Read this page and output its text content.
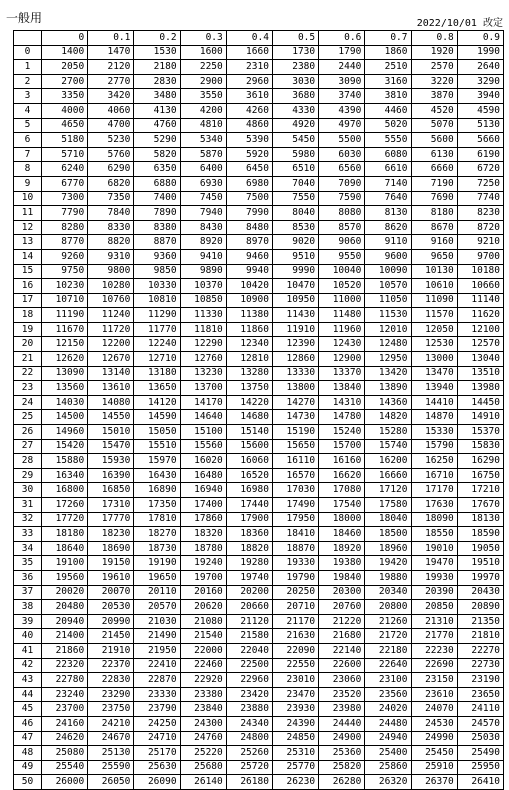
一般用	2022/10/01 改定
	0	0.1	0.2	0.3	0.4	0.5	0.6	0.7	0.8	0.9
0	1400	1470	1530	1600	1660	1730	1790	1860	1920	1990
1	2050	2120	2180	2250	2310	2380	2440	2510	2570	2640
2	2700	2770	2830	2900	2960	3030	3090	3160	3220	3290
3	3350	3420	3480	3550	3610	3680	3740	3810	3870	3940
4	4000	4060	4130	4200	4260	4330	4390	4460	4520	4590
5	4650	4700	4760	4810	4860	4920	4970	5020	5070	5130
6	5180	5230	5290	5340	5390	5450	5500	5550	5600	5660
7	5710	5760	5820	5870	5920	5980	6030	6080	6130	6190
8	6240	6290	6350	6400	6450	6510	6560	6610	6660	6720
9	6770	6820	6880	6930	6980	7040	7090	7140	7190	7250
10	7300	7350	7400	7450	7500	7550	7590	7640	7690	7740
11	7790	7840	7890	7940	7990	8040	8080	8130	8180	8230
12	8280	8330	8380	8430	8480	8530	8570	8620	8670	8720
13	8770	8820	8870	8920	8970	9020	9060	9110	9160	9210
14	9260	9310	9360	9410	9460	9510	9550	9600	9650	9700
15	9750	9800	9850	9890	9940	9990	10040	10090	10130	10180
16	10230	10280	10330	10370	10420	10470	10520	10570	10610	10660
17	10710	10760	10810	10850	10900	10950	11000	11050	11090	11140
18	11190	11240	11290	11330	11380	11430	11480	11530	11570	11620
19	11670	11720	11770	11810	11860	11910	11960	12010	12050	12100
20	12150	12200	12240	12290	12340	12390	12430	12480	12530	12570
21	12620	12670	12710	12760	12810	12860	12900	12950	13000	13040
22	13090	13140	13180	13230	13280	13330	13370	13420	13470	13510
23	13560	13610	13650	13700	13750	13800	13840	13890	13940	13980
24	14030	14080	14120	14170	14220	14270	14310	14360	14410	14450
25	14500	14550	14590	14640	14680	14730	14780	14820	14870	14910
26	14960	15010	15050	15100	15140	15190	15240	15280	15330	15370
27	15420	15470	15510	15560	15600	15650	15700	15740	15790	15830
28	15880	15930	15970	16020	16060	16110	16160	16200	16250	16290
29	16340	16390	16430	16480	16520	16570	16620	16660	16710	16750
30	16800	16850	16890	16940	16980	17030	17080	17120	17170	17210
31	17260	17310	17350	17400	17440	17490	17540	17580	17630	17670
32	17720	17770	17810	17860	17900	17950	18000	18040	18090	18130
33	18180	18230	18270	18320	18360	18410	18460	18500	18550	18590
34	18640	18690	18730	18780	18820	18870	18920	18960	19010	19050
35	19100	19150	19190	19240	19280	19330	19380	19420	19470	19510
36	19560	19610	19650	19700	19740	19790	19840	19880	19930	19970
37	20020	20070	20110	20160	20200	20250	20300	20340	20390	20430
38	20480	20530	20570	20620	20660	20710	20760	20800	20850	20890
39	20940	20990	21030	21080	21120	21170	21220	21260	21310	21350
40	21400	21450	21490	21540	21580	21630	21680	21720	21770	21810
41	21860	21910	21950	22000	22040	22090	22140	22180	22230	22270
42	22320	22370	22410	22460	22500	22550	22600	22640	22690	22730
43	22780	22830	22870	22920	22960	23010	23060	23100	23150	23190
44	23240	23290	23330	23380	23420	23470	23520	23560	23610	23650
45	23700	23750	23790	23840	23880	23930	23980	24020	24070	24110
46	24160	24210	24250	24300	24340	24390	24440	24480	24530	24570
47	24620	24670	24710	24760	24800	24850	24900	24940	24990	25030
48	25080	25130	25170	25220	25260	25310	25360	25400	25450	25490
49	25540	25590	25630	25680	25720	25770	25820	25860	25910	25950
50	26000	26050	26090	26140	26180	26230	26280	26320	26370	26410
